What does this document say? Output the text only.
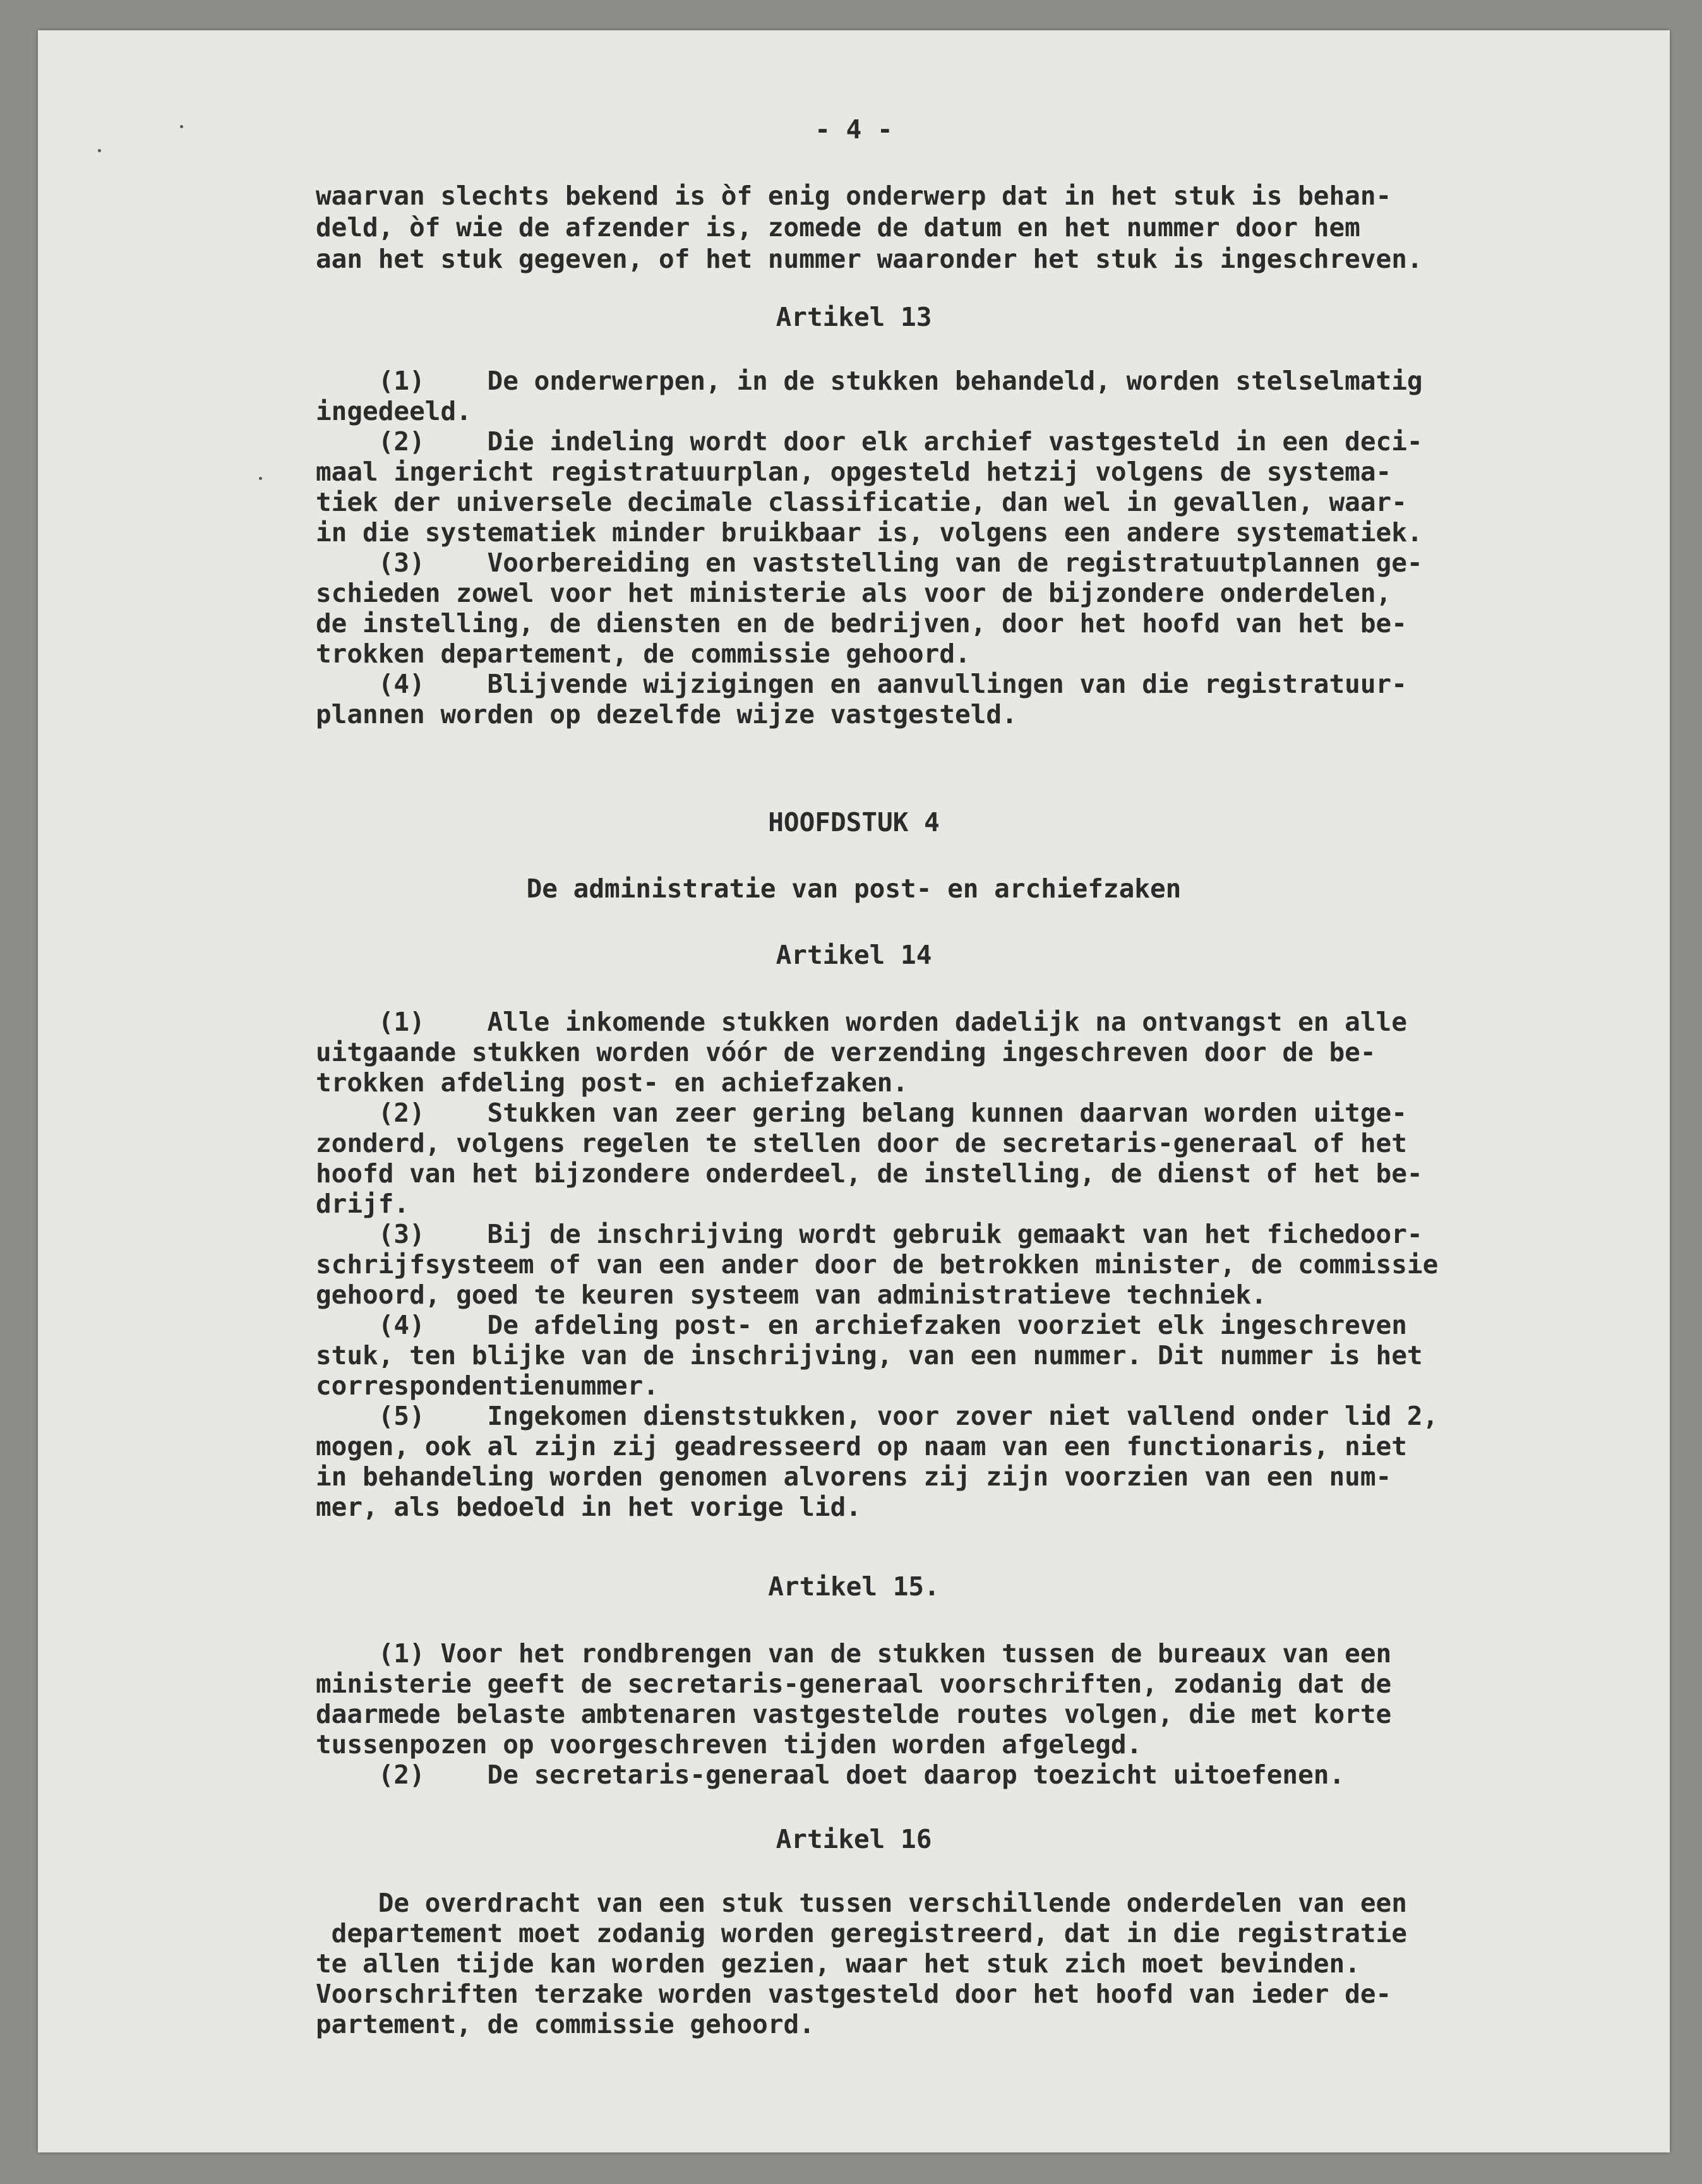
- 4 -

waarvan slechts bekend is òf enig onderwerp dat in het stuk is behan-

deld, òf wie de afzender is, zomede de datum en het nummer door hem

aan het stuk gegeven, of het nummer waaronder het stuk is ingeschreven.

Artikel 13

(1)    De onderwerpen, in de stukken behandeld, worden stelselmatig

ingedeeld.

(2)    Die indeling wordt door elk archief vastgesteld in een deci-

maal ingericht registratuurplan, opgesteld hetzij volgens de systema-

tiek der universele decimale classificatie, dan wel in gevallen, waar-

in die systematiek minder bruikbaar is, volgens een andere systematiek.

(3)    Voorbereiding en vaststelling van de registratuutplannen ge-

schieden zowel voor het ministerie als voor de bijzondere onderdelen,

de instelling, de diensten en de bedrijven, door het hoofd van het be-

trokken departement, de commissie gehoord.

(4)    Blijvende wijzigingen en aanvullingen van die registratuur-

plannen worden op dezelfde wijze vastgesteld.

HOOFDSTUK 4
De administratie van post- en archiefzaken
Artikel 14

(1)    Alle inkomende stukken worden dadelijk na ontvangst en alle

uitgaande stukken worden vóór de verzending ingeschreven door de be-

trokken afdeling post- en achiefzaken.

(2)    Stukken van zeer gering belang kunnen daarvan worden uitge-

zonderd, volgens regelen te stellen door de secretaris-generaal of het

hoofd van het bijzondere onderdeel, de instelling, de dienst of het be-

drijf.

(3)    Bij de inschrijving wordt gebruik gemaakt van het fichedoor-

schrijfsysteem of van een ander door de betrokken minister, de commissie

gehoord, goed te keuren systeem van administratieve techniek.

(4)    De afdeling post- en archiefzaken voorziet elk ingeschreven

stuk, ten blijke van de inschrijving, van een nummer. Dit nummer is het

correspondentienummer.

(5)    Ingekomen dienststukken, voor zover niet vallend onder lid 2,

mogen, ook al zijn zij geadresseerd op naam van een functionaris, niet

in behandeling worden genomen alvorens zij zijn voorzien van een num-

mer, als bedoeld in het vorige lid.

Artikel 15.

(1) Voor het rondbrengen van de stukken tussen de bureaux van een

ministerie geeft de secretaris-generaal voorschriften, zodanig dat de

daarmede belaste ambtenaren vastgestelde routes volgen, die met korte

tussenpozen op voorgeschreven tijden worden afgelegd.

(2)    De secretaris-generaal doet daarop toezicht uitoefenen.

Artikel 16

De overdracht van een stuk tussen verschillende onderdelen van een

departement moet zodanig worden geregistreerd, dat in die registratie

te allen tijde kan worden gezien, waar het stuk zich moet bevinden.

Voorschriften terzake worden vastgesteld door het hoofd van ieder de-

partement, de commissie gehoord.
